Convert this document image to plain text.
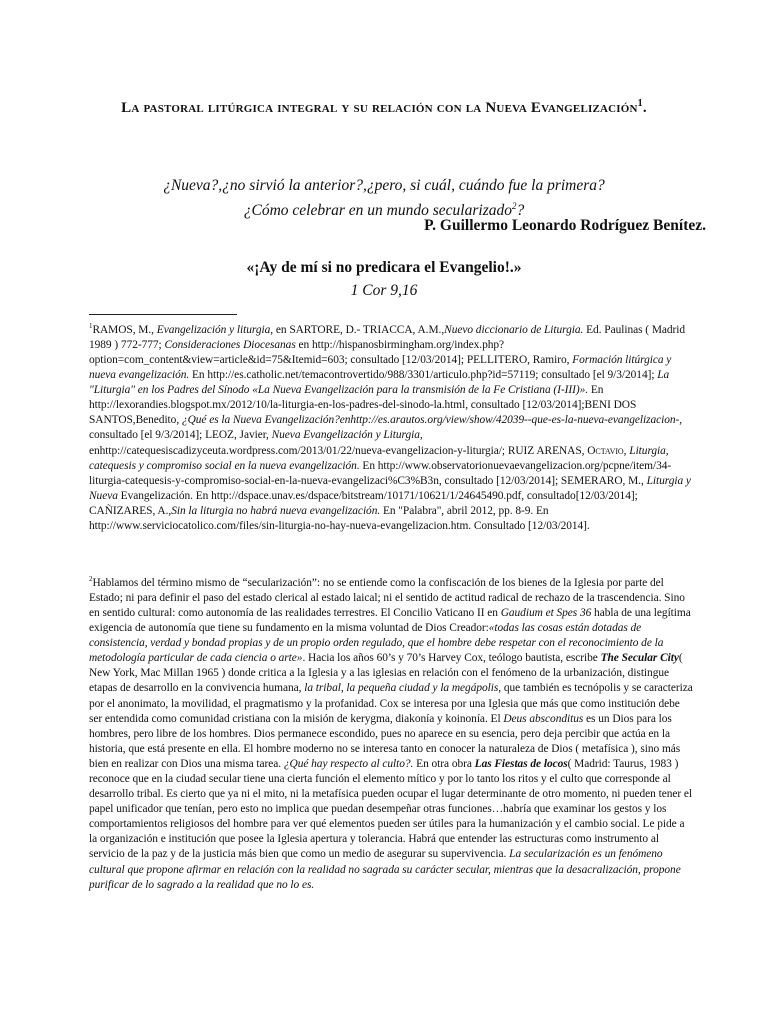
La pastoral litúrgica integral y su relación con la Nueva Evangelización$^1$.
¿Nueva?,¿no sirvió la anterior?,¿pero, si cuál, cuándo fue la primera?
¿Cómo celebrar en un mundo secularizado$^2$?
P. Guillermo Leonardo Rodríguez Benítez.
«¡Ay de mí si no predicara el Evangelio!.»
1 Cor 9,16
$^1$RAMOS, M., Evangelización y liturgia, en SARTORE, D.- TRIACCA, A.M.,Nuevo diccionario de Liturgia. Ed. Paulinas ( Madrid 1989 ) 772-777; Consideraciones Diocesanas en http://hispanosbirmingham.org/index.php?option=com_content&view=article&id=75&Itemid=603; consultado [12/03/2014]; PELLITERO, Ramiro, Formación litúrgica y nueva evangelización. En http://es.catholic.net/temacontrovertido/988/3301/articulo.php?id=57119; consultado [el 9/3/2014]; La "Liturgia" en los Padres del Sínodo «La Nueva Evangelización para la transmisión de la Fe Cristiana (I-III)». En http://lexorandies.blogspot.mx/2012/10/la-liturgia-en-los-padres-del-sinodo-la.html, consultado [12/03/2014];BENI DOS SANTOS,Benedito, ¿Qué es la Nueva Evangelización?enhttp://es.arautos.org/view/show/42039--que-es-la-nueva-evangelizacion-, consultado [el 9/3/2014]; LEOZ, Javier, Nueva Evangelización y Liturgia, enhttp://catequesiscadizyceuta.wordpress.com/2013/01/22/nueva-evangelizacion-y-liturgia/; RUIZ ARENAS, Octavio, Liturgia, catequesis y compromiso social en la nueva evangelización. En http://www.observatorionuevaevangelizacion.org/pcpne/item/34-liturgia-catequesis-y-compromiso-social-en-la-nueva-evangelizaci%C3%B3n, consultado [12/03/2014]; SEMERARO, M., Liturgia y Nueva Evangelización. En http://dspace.unav.es/dspace/bitstream/10171/10621/1/24645490.pdf, consultado[12/03/2014]; CAÑIZARES, A.,Sin la liturgia no habrá nueva evangelización. En "Palabra", abril 2012, pp. 8-9. En http://www.serviciocatolico.com/files/sin-liturgia-no-hay-nueva-evangelizacion.htm. Consultado [12/03/2014].
$^2$Hablamos del término mismo de “secularización”: no se entiende como la confiscación de los bienes de la Iglesia por parte del Estado; ni para definir el paso del estado clerical al estado laical; ni el sentido de actitud radical de rechazo de la trascendencia. Sino en sentido cultural: como autonomía de las realidades terrestres. El Concilio Vaticano II en Gaudium et Spes 36 habla de una legítima exigencia de autonomía que tiene su fundamento en la misma voluntad de Dios Creador:«todas las cosas están dotadas de consistencia, verdad y bondad propias y de un propio orden regulado, que el hombre debe respetar con el reconocimiento de la metodología particular de cada ciencia o arte». Hacia los años 60’s y 70’s Harvey Cox, teólogo bautista, escribe The Secular City( New York, Mac Millan 1965 ) donde critica a la Iglesia y a las iglesias en relación con el fenómeno de la urbanización, distingue etapas de desarrollo en la convivencia humana, la tribal, la pequeña ciudad y la megápolis, que también es tecnópolis y se caracteriza por el anonimato, la movilidad, el pragmatismo y la profanidad. Cox se interesa por una Iglesia que más que como institución debe ser entendida como comunidad cristiana con la misión de kerygma, diakonía y koinonía. El Deus absconditus es un Dios para los hombres, pero libre de los hombres. Dios permanece escondido, pues no aparece en su esencia, pero deja percibir que actúa en la historia, que está presente en ella. El hombre moderno no se interesa tanto en conocer la naturaleza de Dios ( metafísica ), sino más bien en realizar con Dios una misma tarea. ¿Qué hay respecto al culto?. En otra obra Las Fiestas de locos( Madrid: Taurus, 1983 ) reconoce que en la ciudad secular tiene una cierta función el elemento mítico y por lo tanto los ritos y el culto que corresponde al desarrollo tribal. Es cierto que ya ni el mito, ni la metafísica pueden ocupar el lugar determinante de otro momento, ni pueden tener el papel unificador que tenían, pero esto no implica que puedan desempeñar otras funciones…habría que examinar los gestos y los comportamientos religiosos del hombre para ver qué elementos pueden ser útiles para la humanización y el cambio social. Le pide a la organización e institución que posee la Iglesia apertura y tolerancia. Habrá que entender las estructuras como instrumento al servicio de la paz y de la justicia más bien que como un medio de asegurar su supervivencia. La secularización es un fenómeno cultural que propone afirmar en relación con la realidad no sagrada su carácter secular, mientras que la desacralización, propone purificar de lo sagrado a la realidad que no lo es.
